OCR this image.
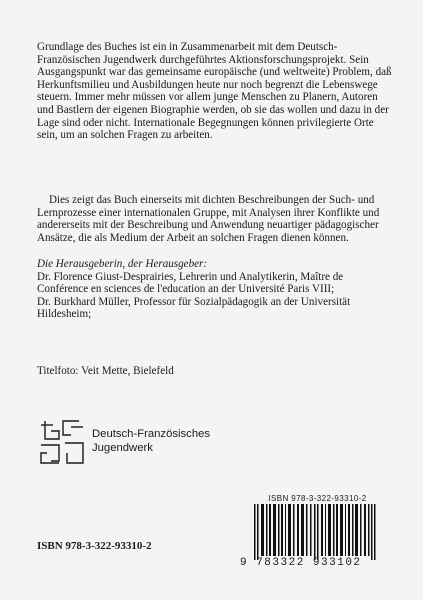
Grundlage des Buches ist ein in Zusammenarbeit mit dem Deutsch-Französischen Jugendwerk durchgeführtes Aktionsforschungsprojekt. Sein Ausgangspunkt war das gemeinsame europäische (und weltweite) Problem, daß Herkunftsmilieu und Ausbildungen heute nur noch begrenzt die Lebenswege steuern. Immer mehr müssen vor allem junge Menschen zu Planern, Autoren und Bastlern der eigenen Biographie werden, ob sie das wollen und dazu in der Lage sind oder nicht. Internationale Begegnungen können privilegierte Orte sein, um an solchen Fragen zu arbeiten.

Dies zeigt das Buch einerseits mit dichten Beschreibungen der Such- und Lernprozesse einer internationalen Gruppe, mit Analysen ihrer Konflikte und andererseits mit der Beschreibung und Anwendung neuartiger pädagogischer Ansätze, die als Medium der Arbeit an solchen Fragen dienen können.

Die Herausgeberin, der Herausgeber:
Dr. Florence Giust-Desprairies, Lehrerin und Analytikerin, Maître de Conférence en sciences de l'education an der Université Paris VIII;
Dr. Burkhard Müller, Professor für Sozialpädagogik an der Universität Hildesheim;
Titelfoto: Veit Mette, Bielefeld
Deutsch-Französisches
Jugendwerk
ISBN 978-3-322-93310-2
ISBN 978-3-322-93310-2
9 783322 933102
